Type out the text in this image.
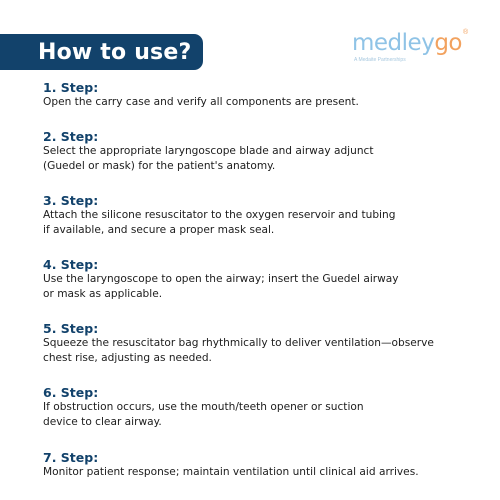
How to use?	medleygo ®
A Medaite Partnerships
1. Step:
Open the carry case and verify all components are present.
2. Step:
Select the appropriate laryngoscope blade and airway adjunct
(Guedel or mask) for the patient's anatomy.
3. Step:
Attach the silicone resuscitator to the oxygen reservoir and tubing
if available, and secure a proper mask seal.
4. Step:
Use the laryngoscope to open the airway; insert the Guedel airway
or mask as applicable.
5. Step:
Squeeze the resuscitator bag rhythmically to deliver ventilation—observe
chest rise, adjusting as needed.
6. Step:
If obstruction occurs, use the mouth/teeth opener or suction
device to clear airway.
7. Step:
Monitor patient response; maintain ventilation until clinical aid arrives.
